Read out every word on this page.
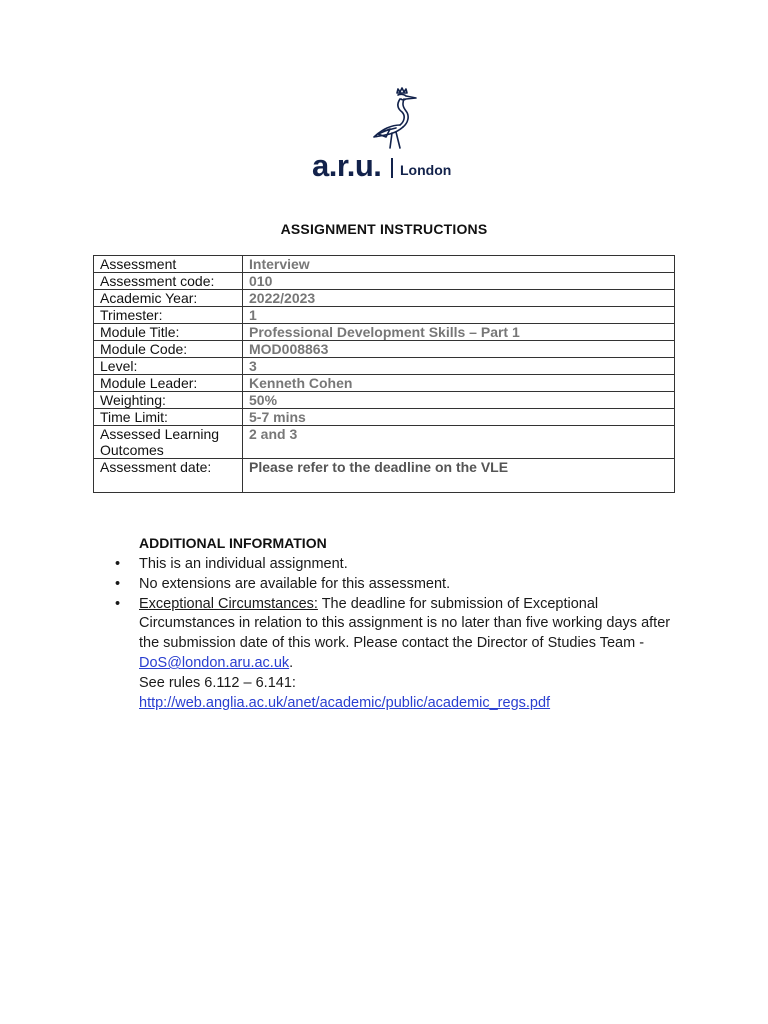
a.r.u. London
ASSIGNMENT INSTRUCTIONS
Assessment	Interview
Assessment code:	010
Academic Year:	2022/2023
Trimester:	1
Module Title:	Professional Development Skills – Part 1
Module Code:	MOD008863
Level:	3
Module Leader:	Kenneth Cohen
Weighting:	50%
Time Limit:	5-7 mins
Assessed Learning Outcomes	2 and 3
Assessment date:	Please refer to the deadline on the VLE
ADDITIONAL INFORMATION
• This is an individual assignment.
• No extensions are available for this assessment.
• Exceptional Circumstances: The deadline for submission of Exceptional Circumstances in relation to this assignment is no later than five working days after the submission date of this work. Please contact the Director of Studies Team - DoS@london.aru.ac.uk.
See rules 6.112 – 6.141:
http://web.anglia.ac.uk/anet/academic/public/academic_regs.pdf
